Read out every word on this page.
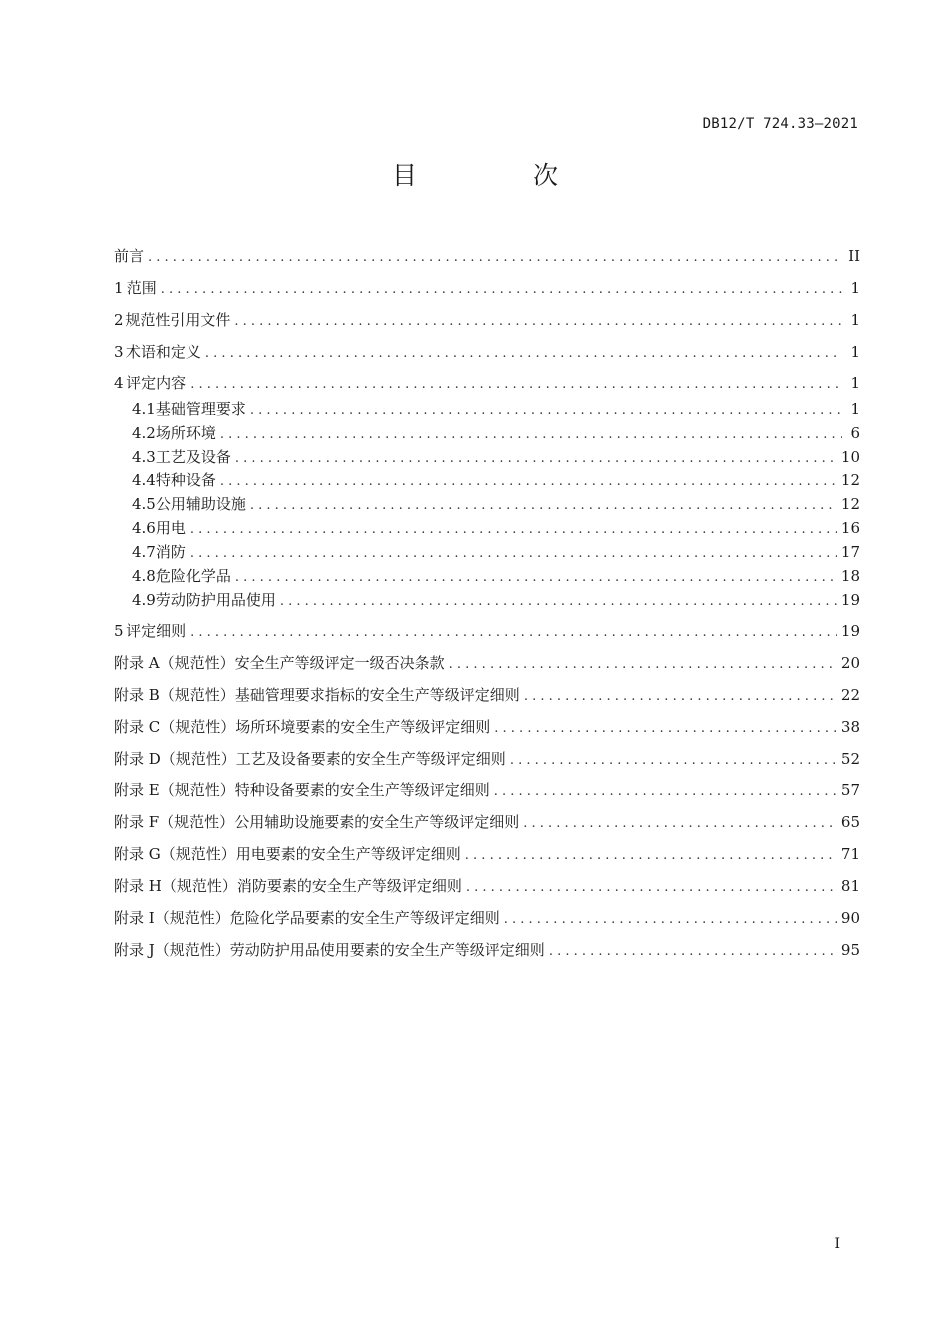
DB12/T 724.33—2021
目 次
前言 . . .	II
1 范围 . . .	1
2 规范性引用文件 . . .	1
3 术语和定义 . . .	1
4 评定内容 . . .	1
4.1 基础管理要求 . . .	1
4.2 场所环境 . . .	6
4.3 工艺及设备 . . .	10
4.4 特种设备 . . .	12
4.5 公用辅助设施 . . .	12
4.6 用电 . . .	16
4.7 消防 . . .	17
4.8 危险化学品 . . .	18
4.9 劳动防护用品使用 . . .	19
5 评定细则 . . .	19
附录 A（规范性） 安全生产等级评定一级否决条款 . . .	20
附录 B（规范性） 基础管理要求指标的安全生产等级评定细则 . . .	22
附录 C（规范性） 场所环境要素的安全生产等级评定细则 . . .	38
附录 D（规范性） 工艺及设备要素的安全生产等级评定细则 . . .	52
附录 E（规范性） 特种设备要素的安全生产等级评定细则 . . .	57
附录 F（规范性） 公用辅助设施要素的安全生产等级评定细则 . . .	65
附录 G（规范性） 用电要素的安全生产等级评定细则 . . .	71
附录 H（规范性） 消防要素的安全生产等级评定细则 . . .	81
附录 I（规范性） 危险化学品要素的安全生产等级评定细则 . . .	90
附录 J（规范性） 劳动防护用品使用要素的安全生产等级评定细则 . . .	95
I
